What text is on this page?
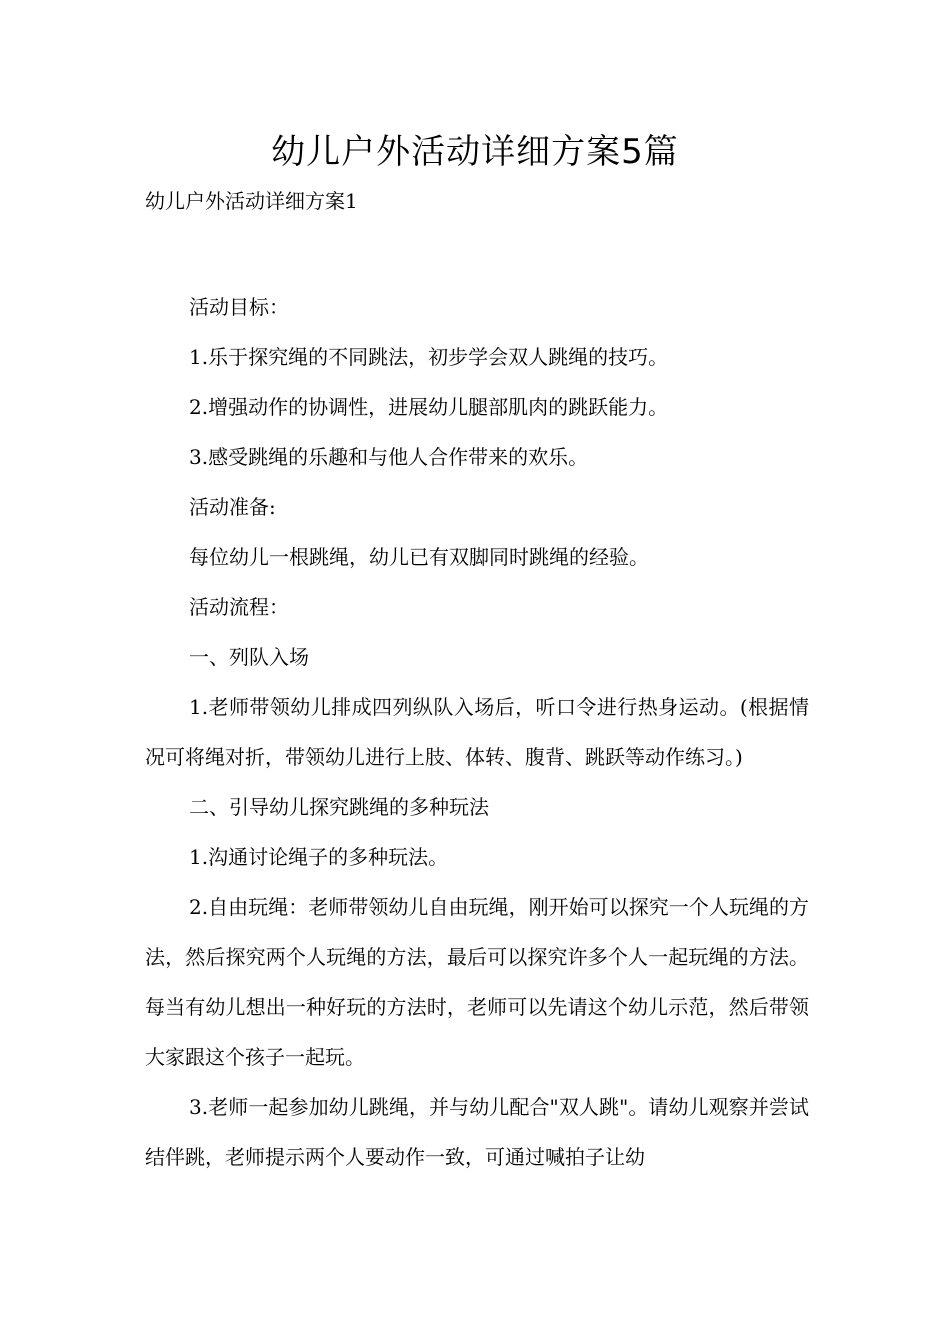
幼儿户外活动详细方案5篇
幼儿户外活动详细方案1

活动目标：

1.乐于探究绳的不同跳法，初步学会双人跳绳的技巧。

2.增强动作的协调性，进展幼儿腿部肌肉的跳跃能力。

3.感受跳绳的乐趣和与他人合作带来的欢乐。

活动准备:

每位幼儿一根跳绳，幼儿已有双脚同时跳绳的经验。

活动流程：

一、列队入场

1.老师带领幼儿排成四列纵队入场后，听口令进行热身运动。(根据情况可将绳对折，带领幼儿进行上肢、体转、腹背、跳跃等动作练习。)

二、引导幼儿探究跳绳的多种玩法

1.沟通讨论绳子的多种玩法。

2.自由玩绳：老师带领幼儿自由玩绳，刚开始可以探究一个人玩绳的方法，然后探究两个人玩绳的方法，最后可以探究许多个人一起玩绳的方法。每当有幼儿想出一种好玩的方法时，老师可以先请这个幼儿示范，然后带领大家跟这个孩子一起玩。

3.老师一起参加幼儿跳绳，并与幼儿配合"双人跳"。请幼儿观察并尝试结伴跳，老师提示两个人要动作一致，可通过喊拍子让幼
